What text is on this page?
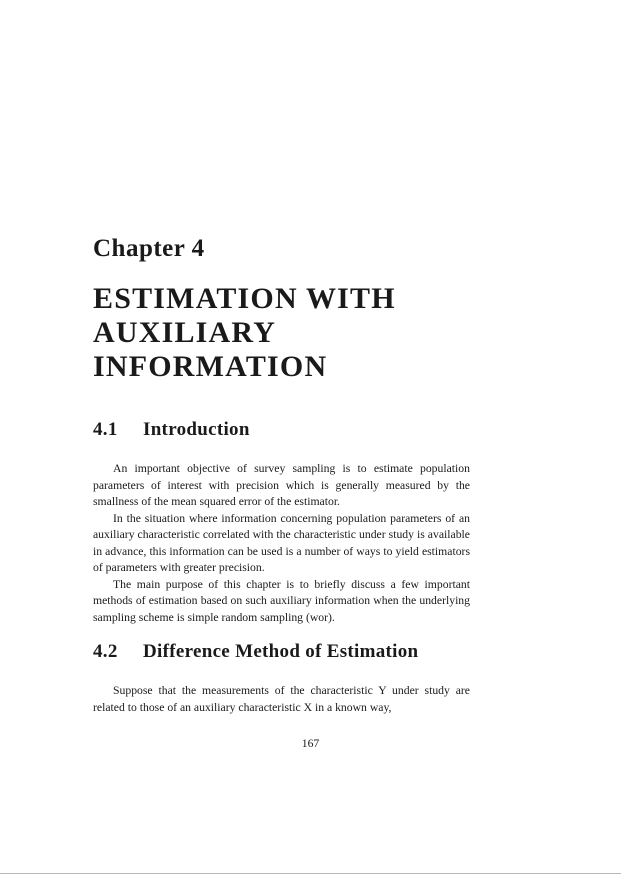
Chapter 4
ESTIMATION WITH
AUXILIARY
INFORMATION
4.1 Introduction

An important objective of survey sampling is to estimate population parameters of interest with precision which is generally measured by the smallness of the mean squared error of the estimator.

In the situation where information concerning population parameters of an auxiliary characteristic correlated with the characteristic under study is available in advance, this information can be used is a number of ways to yield estimators of parameters with greater precision.

The main purpose of this chapter is to briefly discuss a few important methods of estimation based on such auxiliary information when the underlying sampling scheme is simple random sampling (wor).

4.2 Difference Method of Estimation

Suppose that the measurements of the characteristic Y under study are related to those of an auxiliary characteristic X in a known way,

167
